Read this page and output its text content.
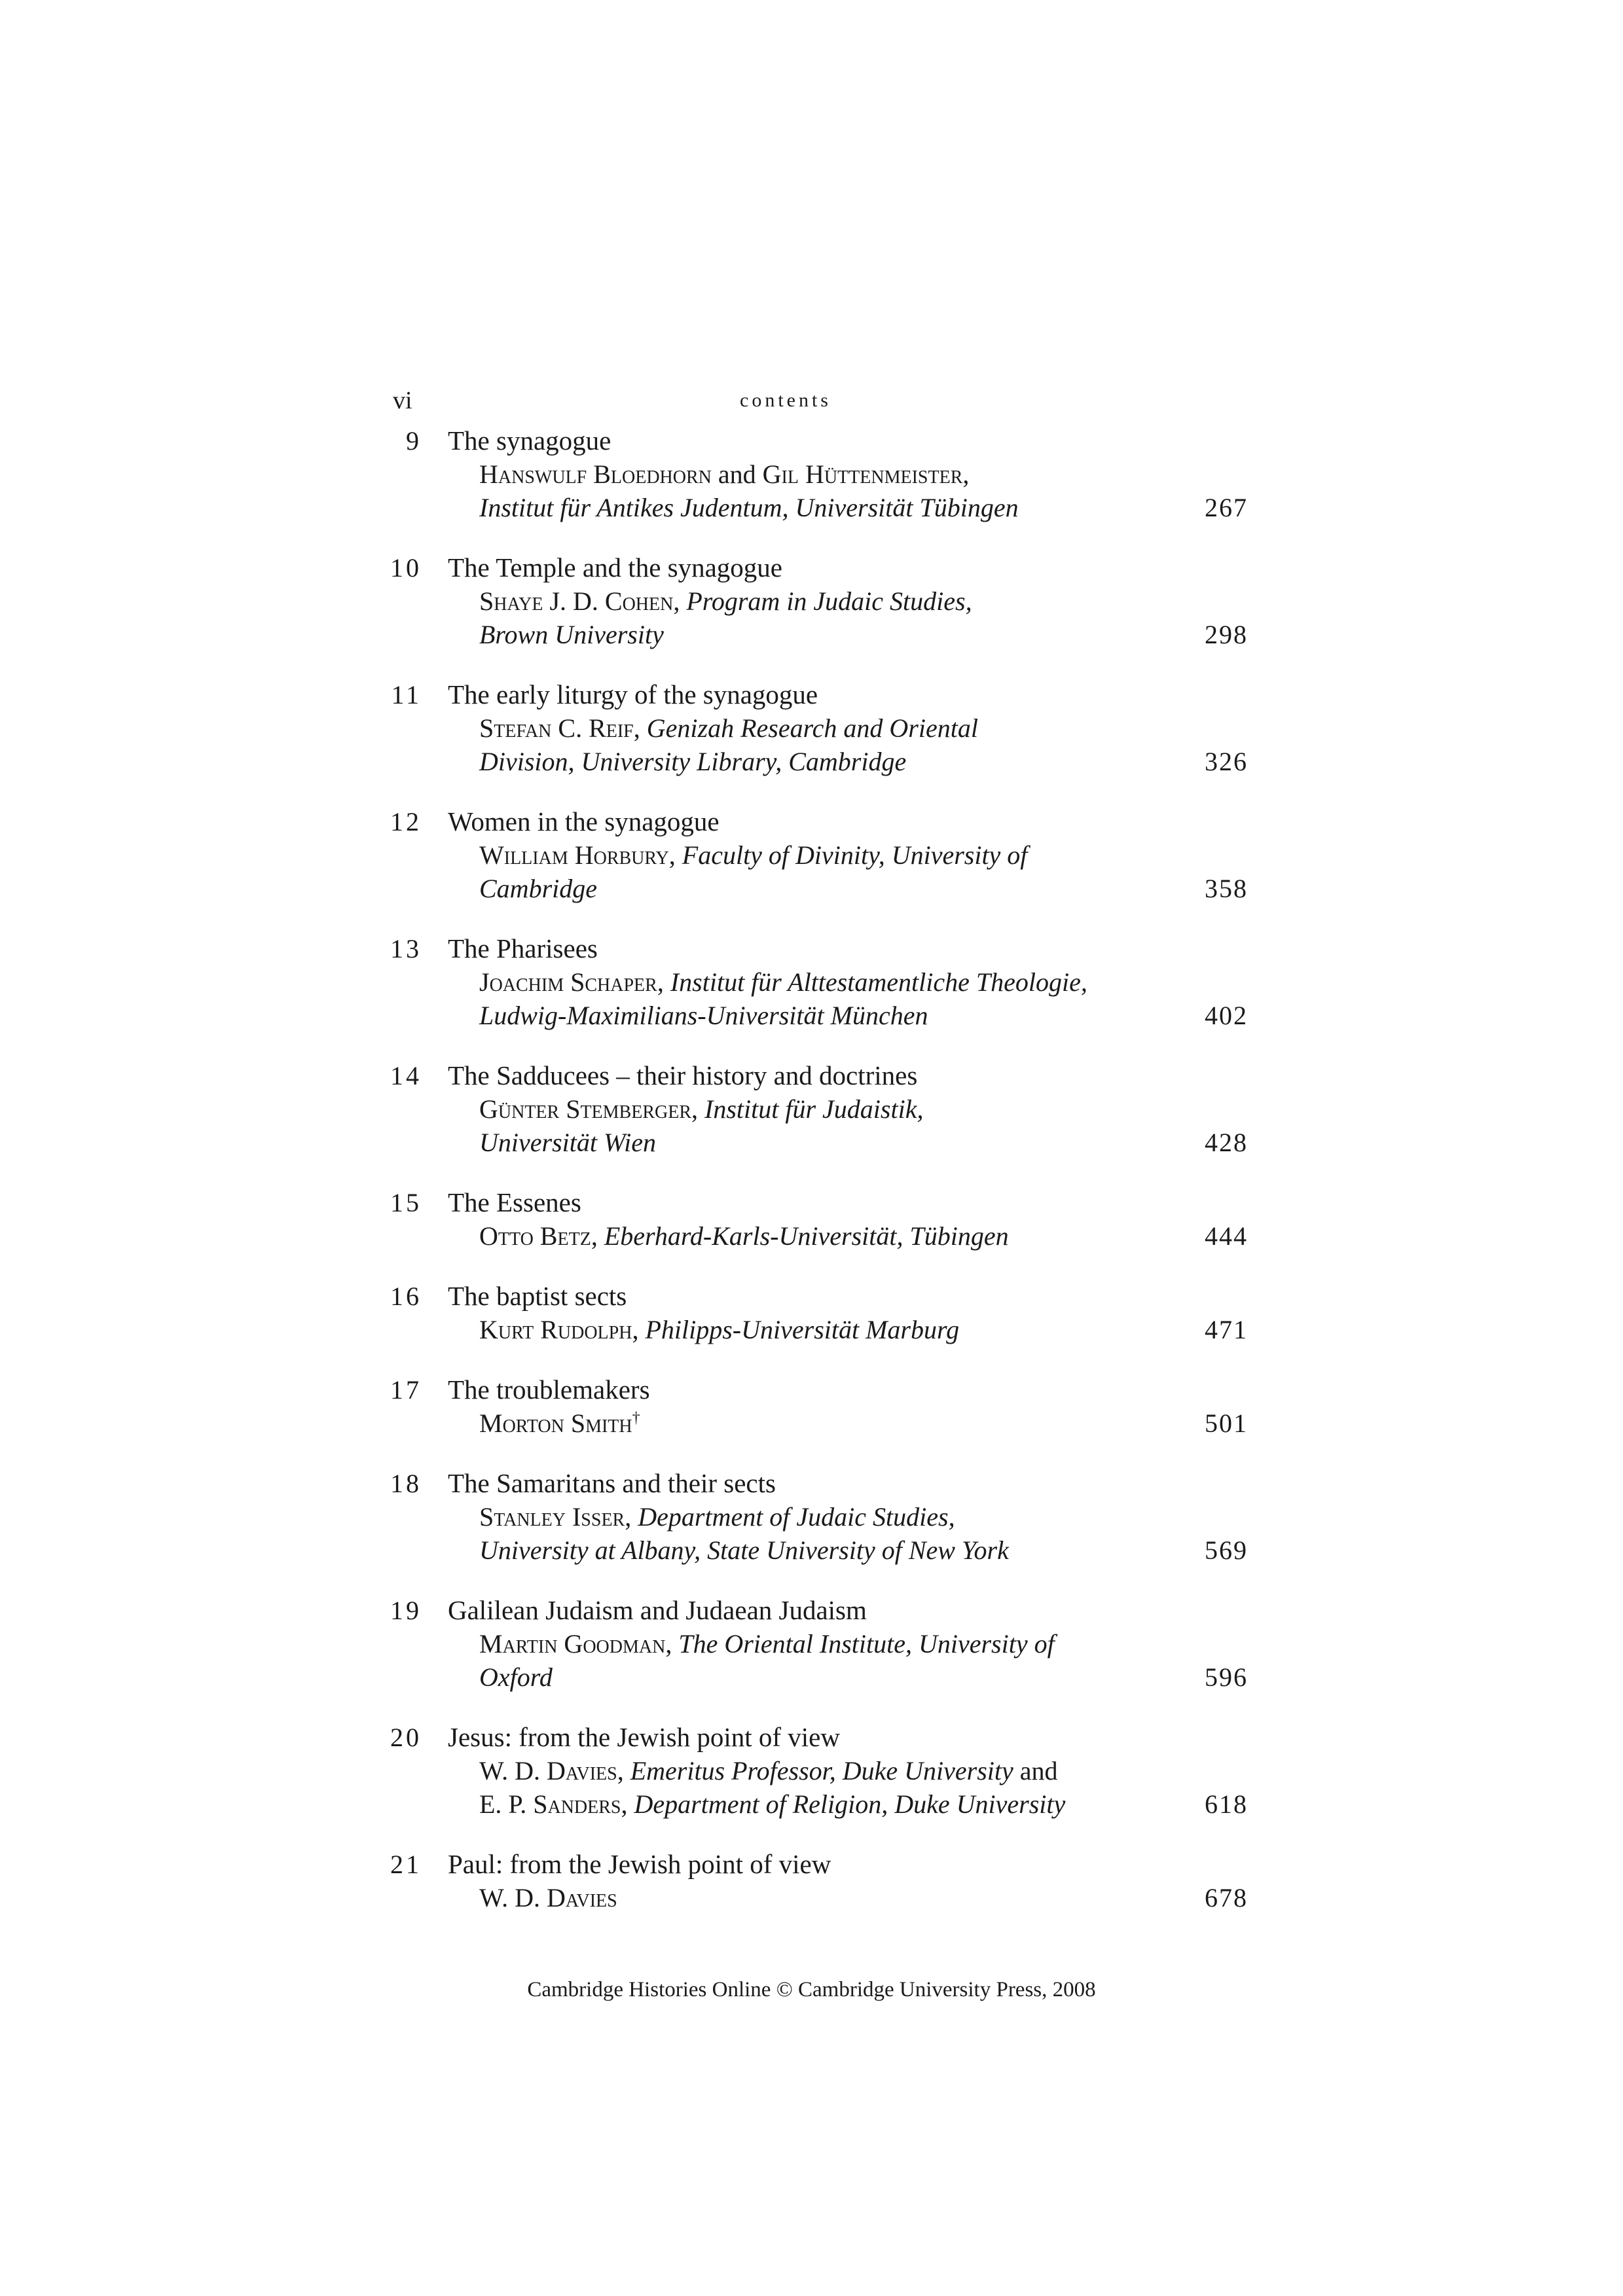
vi	contents
9 The synagogue
Hanswulf Bloedhorn and Gil Hüttenmeister,
Institut für Antikes Judentum, Universität Tübingen	267
10 The Temple and the synagogue
Shaye J. D. Cohen, Program in Judaic Studies,
Brown University	298
11 The early liturgy of the synagogue
Stefan C. Reif, Genizah Research and Oriental
Division, University Library, Cambridge	326
12 Women in the synagogue
William Horbury, Faculty of Divinity, University of
Cambridge	358
13 The Pharisees
Joachim Schaper, Institut für Alttestamentliche Theologie,
Ludwig-Maximilians-Universität München	402
14 The Sadducees – their history and doctrines
Günter Stemberger, Institut für Judaistik,
Universität Wien	428
15 The Essenes
Otto Betz, Eberhard-Karls-Universität, Tübingen	444
16 The baptist sects
Kurt Rudolph, Philipps-Universität Marburg	471
17 The troublemakers
Morton Smith†	501
18 The Samaritans and their sects
Stanley Isser, Department of Judaic Studies,
University at Albany, State University of New York	569
19 Galilean Judaism and Judaean Judaism
Martin Goodman, The Oriental Institute, University of
Oxford	596
20 Jesus: from the Jewish point of view
W. D. Davies, Emeritus Professor, Duke University and
E. P. Sanders, Department of Religion, Duke University	618
21 Paul: from the Jewish point of view
W. D. Davies	678
Cambridge Histories Online © Cambridge University Press, 2008
